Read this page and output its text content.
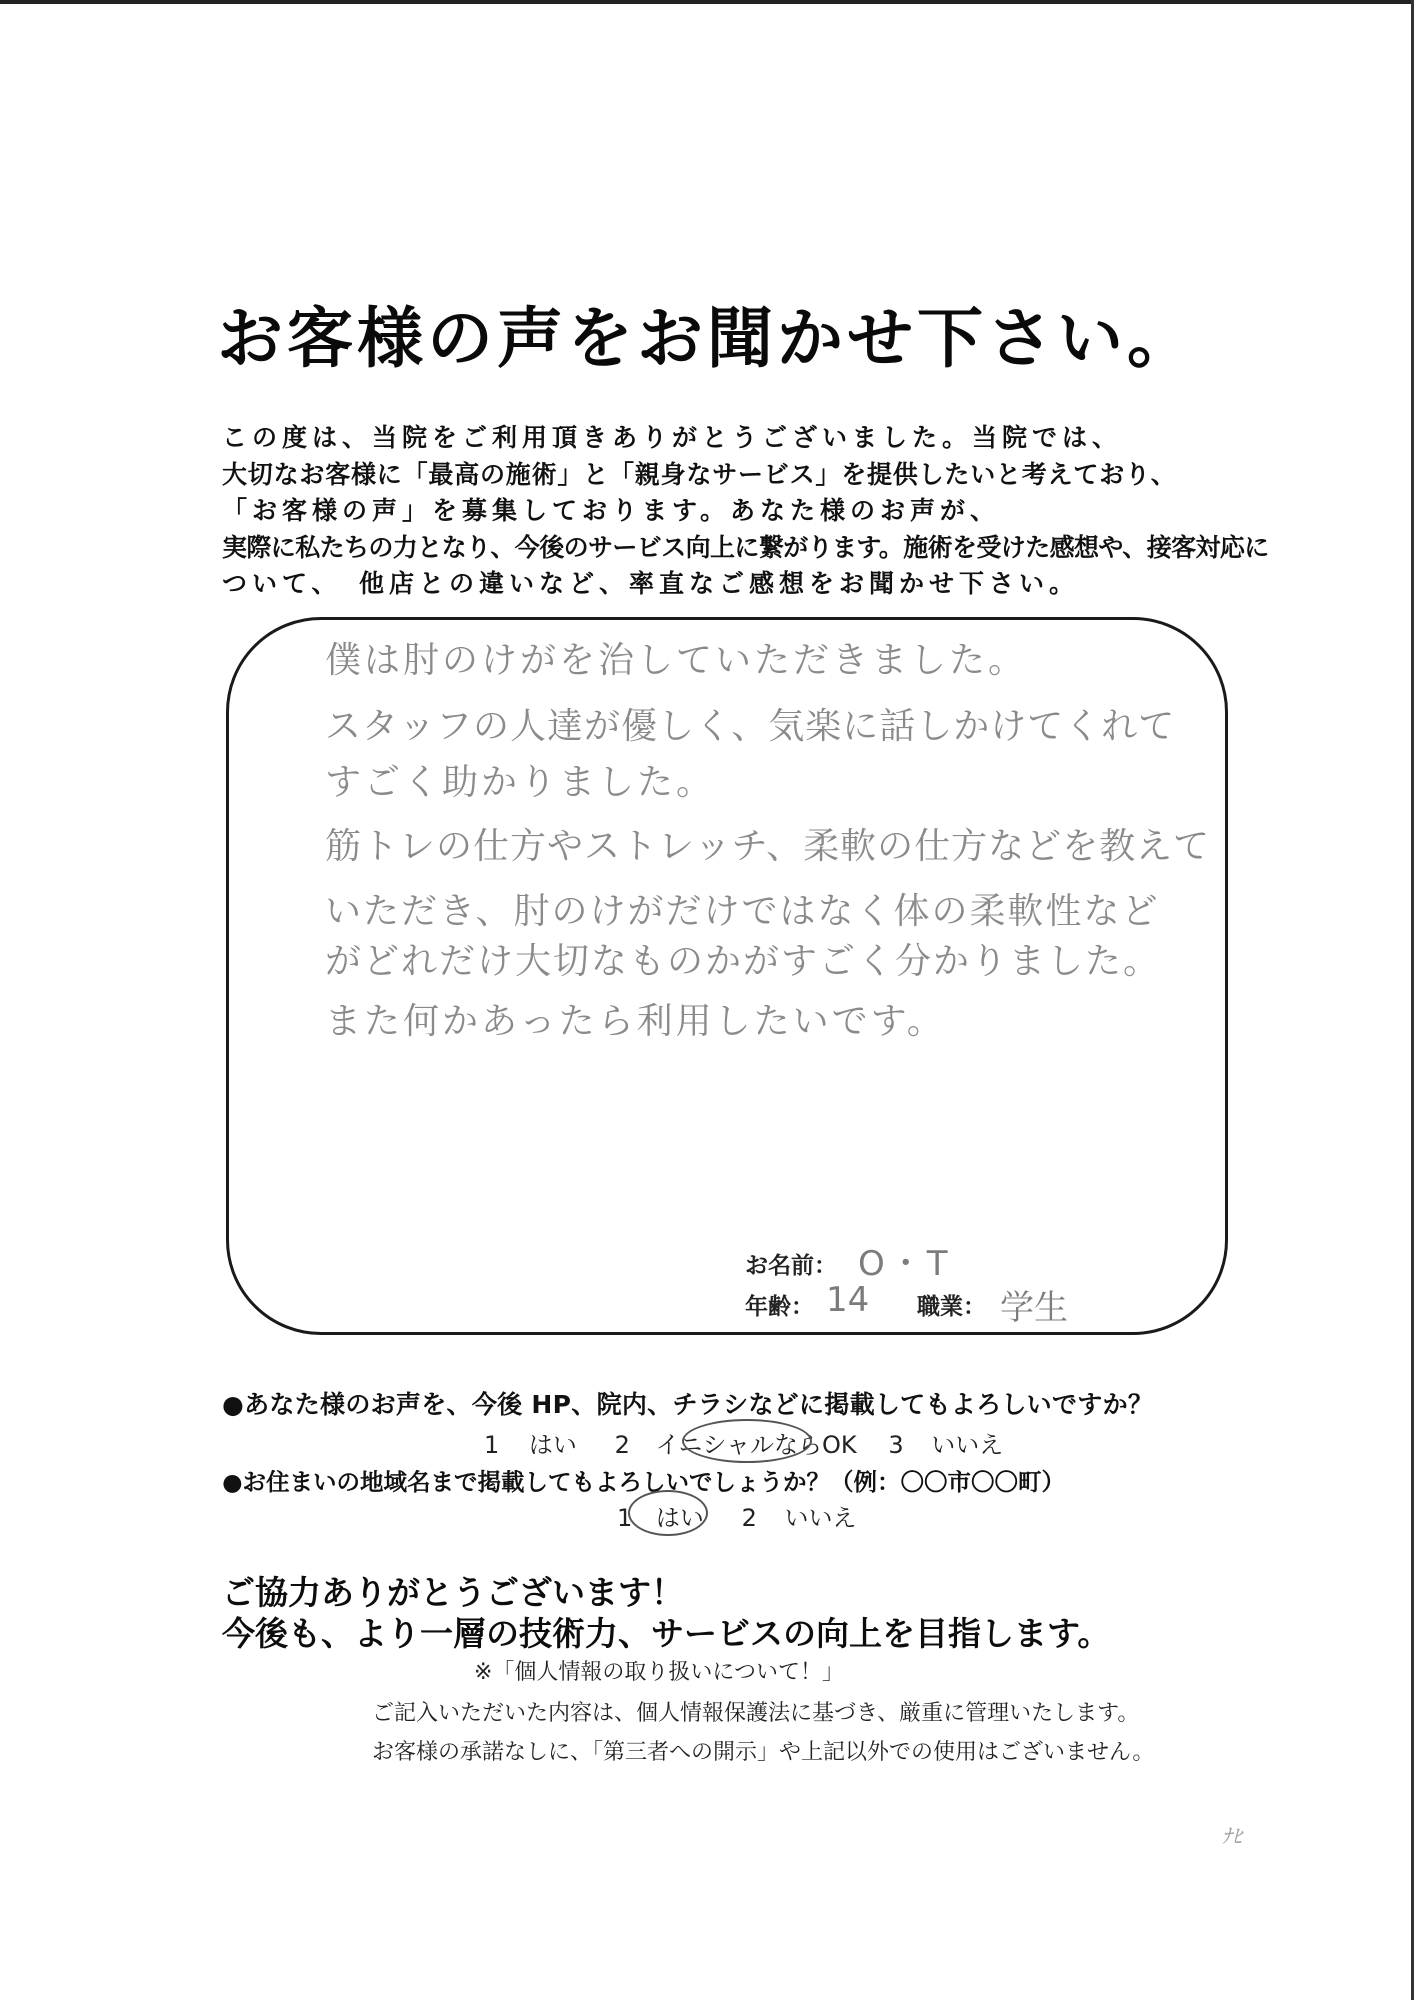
お客様の声をお聞かせ下さい。
この度は、当院をご利用頂きありがとうございました。当院では、
大切なお客様に「最高の施術」と「親身なサービス」を提供したいと考えており、
「お客様の声」を募集しております。あなた様のお声が、
実際に私たちの力となり、今後のサービス向上に繋がります。施術を受けた感想や、接客対応に
ついて、　他店との違いなど、率直なご感想をお聞かせ下さい。
僕は肘のけがを治していただきました。
スタッフの人達が優しく、気楽に話しかけてくれて
すごく助かりました。
筋トレの仕方やストレッチ、柔軟の仕方などを教えて
いただき、肘のけがだけではなく体の柔軟性など
がどれだけ大切なものかがすごく分かりました。
また何かあったら利用したいです。
お名前： O・T
年齢： 14 職業： 学生
●あなた様のお声を、今後 HP、院内、チラシなどに掲載してもよろしいですか？
1 はい 2 イニシャルならOK 3 いいえ
●お住まいの地域名まで掲載してもよろしいでしょうか？（例：〇〇市〇〇町）
1 はい 2 いいえ
ご協力ありがとうございます！
今後も、より一層の技術力、サービスの向上を目指します。
※「個人情報の取り扱いについて！」
ご記入いただいた内容は、個人情報保護法に基づき、厳重に管理いたします。
お客様の承諾なしに、「第三者への開示」や上記以外での使用はございません。
ﾅﾋ
